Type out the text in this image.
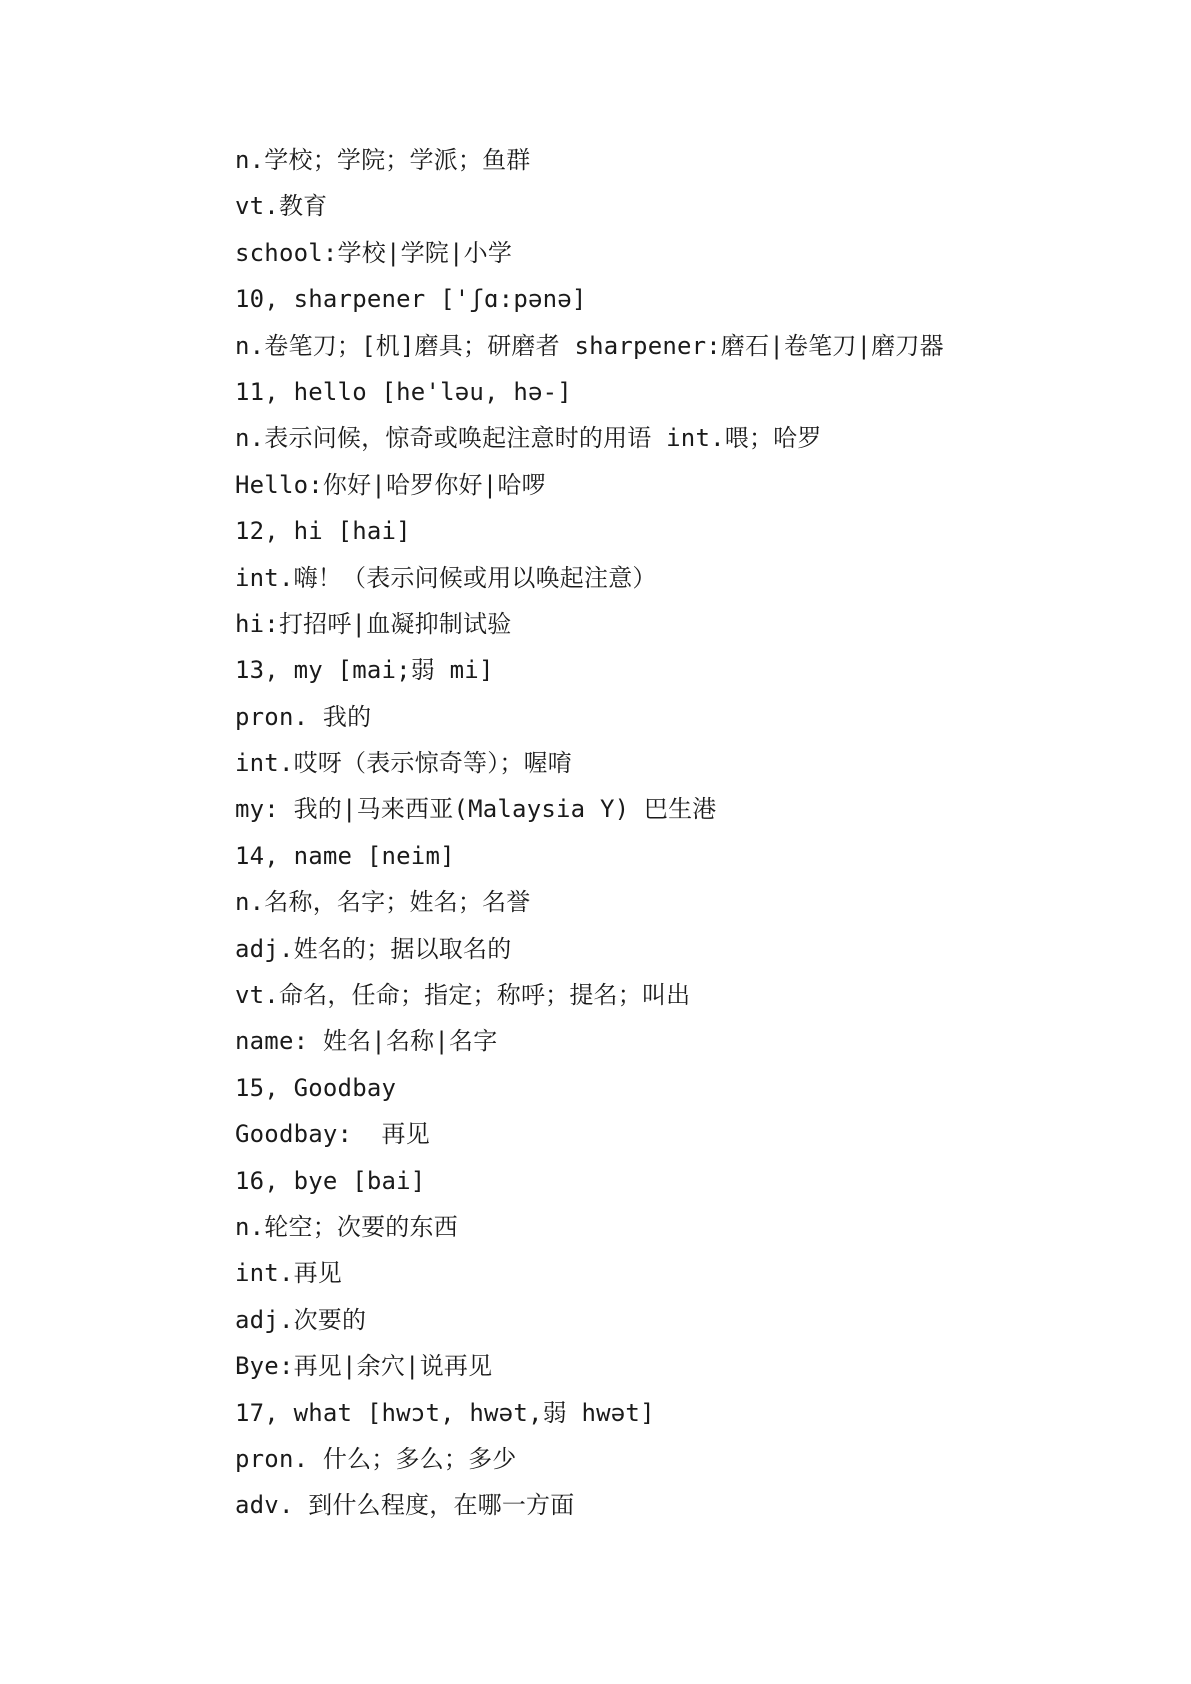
n.学校；学院；学派；鱼群
vt.教育
school:学校|学院|小学
10, sharpener ['ʃɑ:pənə]
n.卷笔刀；[机]磨具；研磨者 sharpener:磨石|卷笔刀|磨刀器
11, hello [he'ləu, hə-]
n.表示问候，惊奇或唤起注意时的用语 int.喂；哈罗
Hello:你好|哈罗你好|哈啰
12, hi [hai]
int.嗨！（表示问候或用以唤起注意）
hi:打招呼|血凝抑制试验
13, my [mai;弱 mi]
pron. 我的
int.哎呀（表示惊奇等）；喔唷
my: 我的|马来西亚(Malaysia Y) 巴生港
14, name [neim]
n.名称，名字；姓名；名誉
adj.姓名的；据以取名的
vt.命名，任命；指定；称呼；提名；叫出
name: 姓名|名称|名字
15, Goodbay
Goodbay:  再见
16, bye [bai]
n.轮空；次要的东西
int.再见
adj.次要的
Bye:再见|余穴|说再见
17, what [hwɔt, hwət,弱 hwət]
pron. 什么；多么；多少
adv. 到什么程度，在哪一方面
